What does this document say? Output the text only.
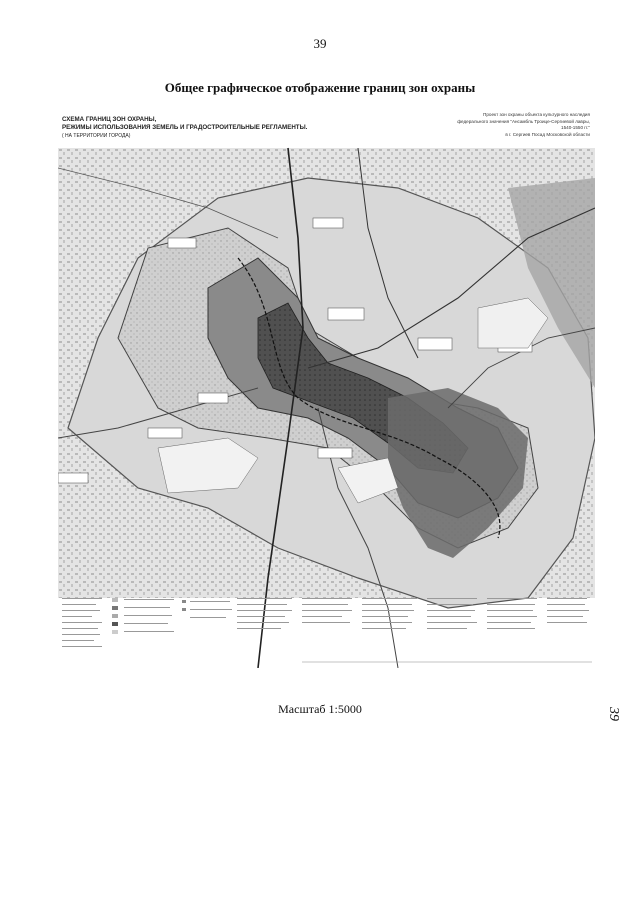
39
Общее графическое отображение границ зон охраны
СХЕМА ГРАНИЦ ЗОН ОХРАНЫ,
РЕЖИМЫ ИСПОЛЬЗОВАНИЯ ЗЕМЕЛЬ И ГРАДОСТРОИТЕЛЬНЫЕ РЕГЛАМЕНТЫ.
( НА ТЕРРИТОРИИ ГОРОДА)
Проект зон охраны объекта культурного наследия
федерального значения "Ансамбль Троице-Сергиевой лавры,
1540-1550 гг."
в г. Сергиев Посад Московской области
Масштаб 1:5000	39
